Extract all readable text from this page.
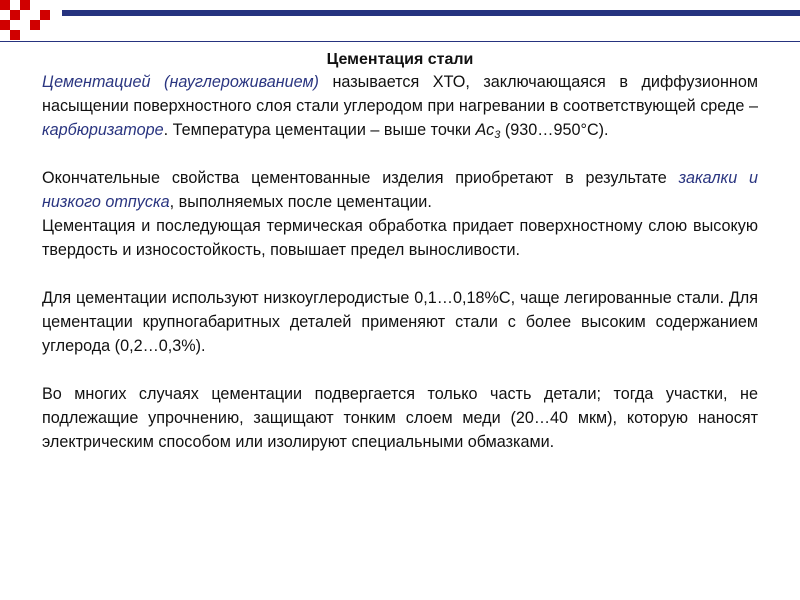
Цементация стали

Цементацией (науглероживанием) называется ХТО, заключающаяся в диффузионном насыщении поверхностного слоя стали углеродом при нагревании в соответствующей среде – карбюризаторе. Температура цементации – выше точки $Ас_3$ (930…950°С).

Окончательные свойства цементованные изделия приобретают в результате закалки и низкого отпуска, выполняемых после цементации.

Цементация и последующая термическая обработка придает поверхностному слою высокую твердость и износостойкость, повышает предел выносливости.

Для цементации используют низкоуглеродистые 0,1…0,18%С, чаще легированные стали. Для цементации крупногабаритных деталей применяют стали с более высоким содержанием углерода (0,2…0,3%).

Во многих случаях цементации подвергается только часть детали; тогда участки, не подлежащие упрочнению, защищают тонким слоем меди (20…40 мкм), которую наносят электрическим способом или изолируют специальными обмазками.
